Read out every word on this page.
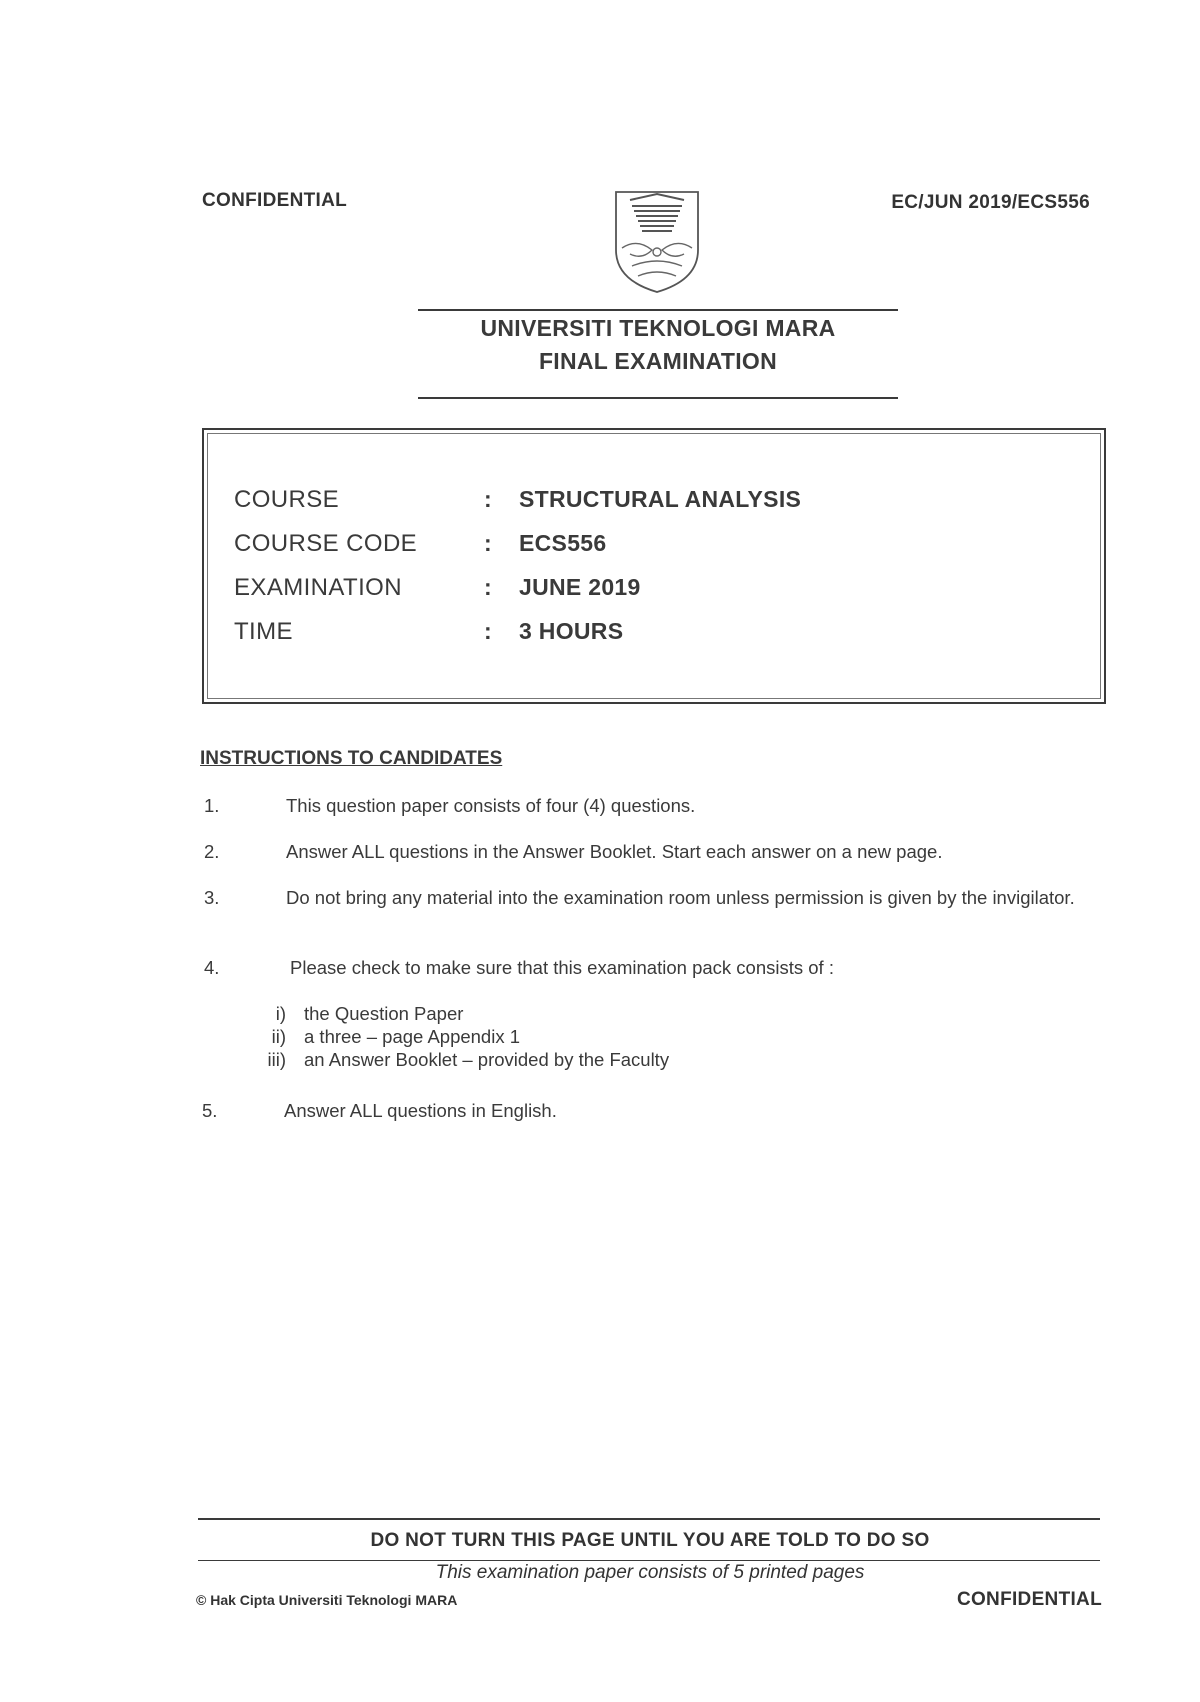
CONFIDENTIAL	EC/JUN 2019/ECS556
UNIVERSITI TEKNOLOGI MARA
FINAL EXAMINATION
COURSE	: STRUCTURAL ANALYSIS
COURSE CODE	: ECS556
EXAMINATION	: JUNE 2019
TIME	: 3 HOURS
INSTRUCTIONS TO CANDIDATES
1.	This question paper consists of four (4) questions.
2.	Answer ALL questions in the Answer Booklet. Start each answer on a new page.
3.	Do not bring any material into the examination room unless permission is given by the invigilator.
4.	Please check to make sure that this examination pack consists of :
i) the Question Paper
ii) a three – page Appendix 1
iii) an Answer Booklet – provided by the Faculty
5.	Answer ALL questions in English.
DO NOT TURN THIS PAGE UNTIL YOU ARE TOLD TO DO SO
This examination paper consists of 5 printed pages
© Hak Cipta Universiti Teknologi MARA	CONFIDENTIAL
